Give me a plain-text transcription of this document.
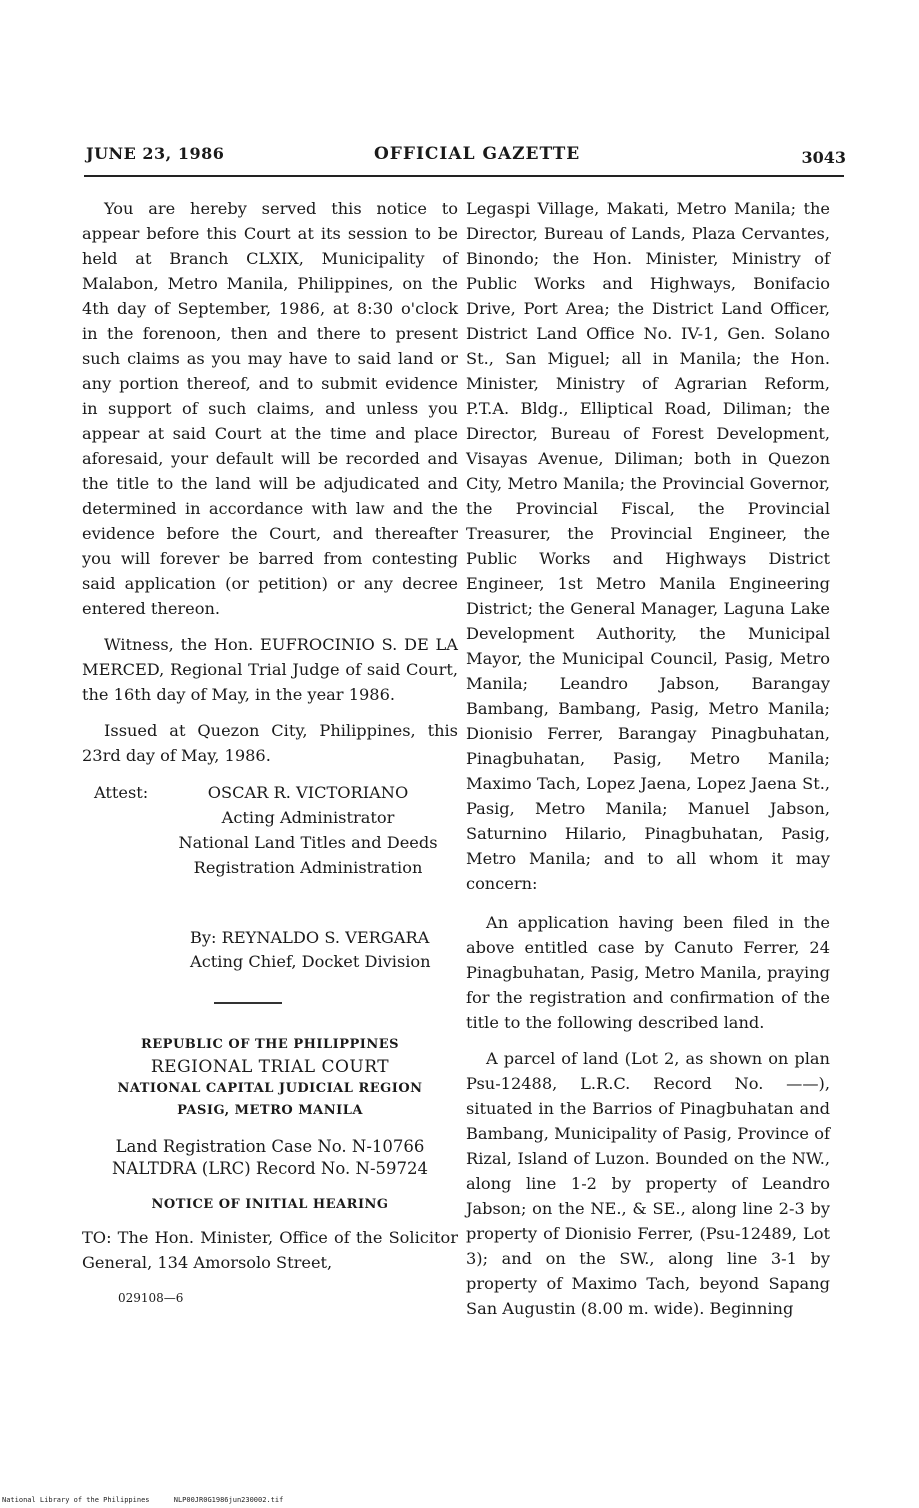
JUNE 23, 1986	OFFICIAL GAZETTE	3043

You are hereby served this notice to appear before this Court at its session to be held at Branch CLXIX, Municipality of Malabon, Metro Manila, Philippines, on the 4th day of September, 1986, at 8:30 o'clock in the forenoon, then and there to present such claims as you may have to said land or any portion thereof, and to submit evidence in support of such claims, and unless you appear at said Court at the time and place aforesaid, your default will be recorded and the title to the land will be adjudicated and determined in accordance with law and the evidence before the Court, and thereafter you will forever be barred from contesting said application (or petition) or any decree entered thereon.

Witness, the Hon. EUFROCINIO S. DE LA MERCED, Regional Trial Judge of said Court, the 16th day of May, in the year 1986.

Issued at Quezon City, Philippines, this 23rd day of May, 1986.

Attest:	OSCAR R. VICTORIANO
Acting Administrator
National Land Titles and Deeds
Registration Administration
By: REYNALDO S. VERGARA
Acting Chief, Docket Division
REPUBLIC OF THE PHILIPPINES
REGIONAL TRIAL COURT
NATIONAL CAPITAL JUDICIAL REGION
PASIG, METRO MANILA
Land Registration Case No. N-10766
NALTDRA (LRC) Record No. N-59724
NOTICE OF INITIAL HEARING

TO: The Hon. Minister, Office of the Solicitor General, 134 Amorsolo Street,

029108—6

Legaspi Village, Makati, Metro Manila; the Director, Bureau of Lands, Plaza Cervantes, Binondo; the Hon. Minister, Ministry of Public Works and Highways, Bonifacio Drive, Port Area; the District Land Officer, District Land Office No. IV-1, Gen. Solano St., San Miguel; all in Manila; the Hon. Minister, Ministry of Agrarian Reform, P.T.A. Bldg., Elliptical Road, Diliman; the Director, Bureau of Forest Development, Visayas Avenue, Diliman; both in Quezon City, Metro Manila; the Provincial Governor, the Provincial Fiscal, the Provincial Treasurer, the Provincial Engineer, the Public Works and Highways District Engineer, 1st Metro Manila Engineering District; the General Manager, Laguna Lake Development Authority, the Municipal Mayor, the Municipal Council, Pasig, Metro Manila; Leandro Jabson, Barangay Bambang, Bambang, Pasig, Metro Manila; Dionisio Ferrer, Barangay Pinagbuhatan, Pinagbuhatan, Pasig, Metro Manila; Maximo Tach, Lopez Jaena, Lopez Jaena St., Pasig, Metro Manila; Manuel Jabson, Saturnino Hilario, Pinagbuhatan, Pasig, Metro Manila; and to all whom it may concern:

An application having been filed in the above entitled case by Canuto Ferrer, 24 Pinagbuhatan, Pasig, Metro Manila, praying for the registration and confirmation of the title to the following described land.

A parcel of land (Lot 2, as shown on plan Psu-12488, L.R.C. Record No. ——), situated in the Barrios of Pinagbuhatan and Bambang, Municipality of Pasig, Province of Rizal, Island of Luzon. Bounded on the NW., along line 1-2 by property of Leandro Jabson; on the NE., & SE., along line 2-3 by property of Dionisio Ferrer, (Psu-12489, Lot 3); and on the SW., along line 3-1 by property of Maximo Tach, beyond Sapang San Augustin (8.00 m. wide). Beginning

National Library of the Philippines	NLP00JR0G1986jun230002.tif
